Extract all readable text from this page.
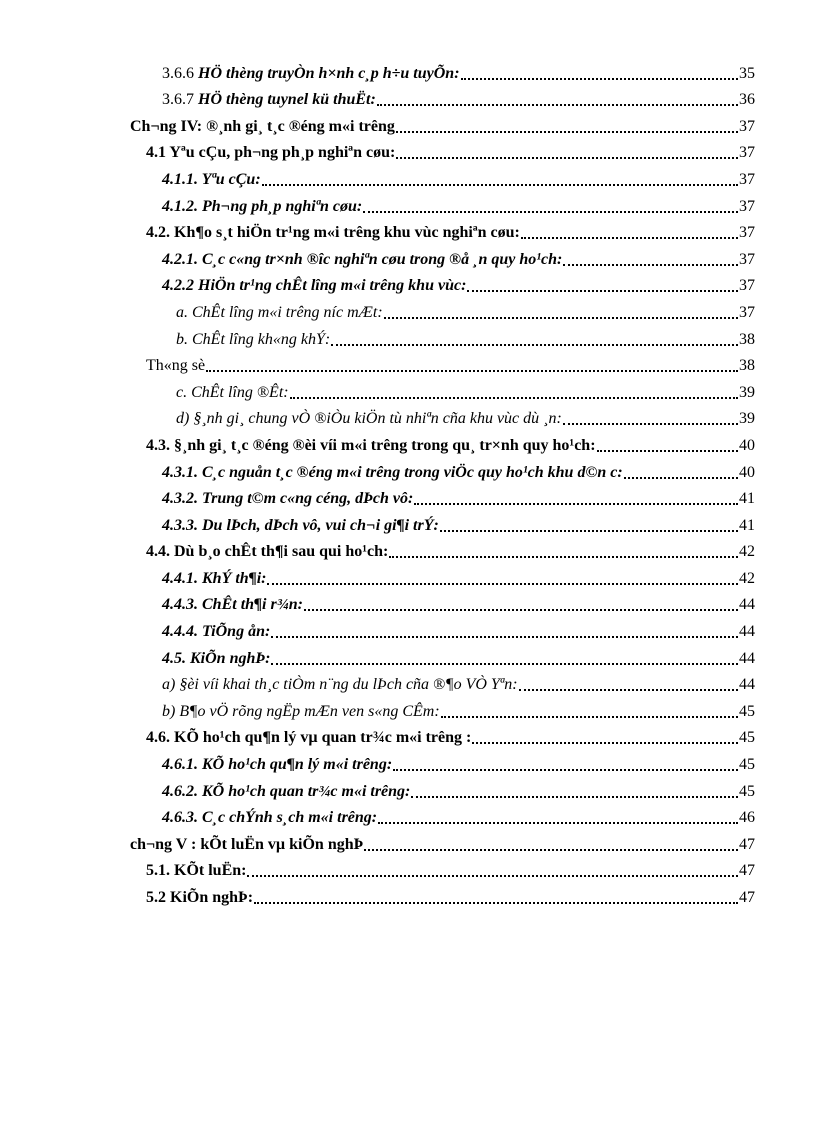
3.6.6 HÖ thèng truyÒn h×nh c¸p h÷u tuyÕn:	35
3.6.7 HÖ thèng tuynel kü thuËt:	36
Ch¬ng IV: ®¸nh gi¸ t¸c ®éng m«i trêng	37
4.1 Yªu cÇu, ph¬ng ph¸p nghiªn cøu:	37
4.1.1. Yªu cÇu:	37
4.1.2. Ph¬ng ph¸p nghiªn cøu:	37
4.2. Kh¶o s¸t hiÖn tr¹ng m«i trêng khu vùc nghiªn cøu:	37
4.2.1. C¸c c«ng tr×nh ®îc nghiªn cøu trong ®å ¸n quy ho¹ch:	37
4.2.2 HiÖn tr¹ng chÊt lîng m«i trêng khu vùc:	37
a. ChÊt lîng m«i trêng níc mÆt:	37
b. ChÊt lîng kh«ng khÝ:	38
Th«ng sè	38
c. ChÊt lîng ®Êt:	39
d) §¸nh gi¸ chung vÒ ®iÒu kiÖn tù nhiªn cña khu vùc dù ¸n:	39
4.3. §¸nh gi¸ t¸c ®éng ®èi víi m«i trêng trong qu¸ tr×nh quy ho¹ch:	40
4.3.1. C¸c nguån t¸c ®éng m«i trêng trong viÖc quy ho¹ch khu d©n c:	40
4.3.2. Trung t©m c«ng céng, dÞch vô:	41
4.3.3. Du lÞch, dÞch vô, vui ch¬i gi¶i trÝ:	41
4.4. Dù b¸o chÊt th¶i sau qui ho¹ch:	42
4.4.1. KhÝ th¶i:	42
4.4.3. ChÊt th¶i r¾n:	44
4.4.4. TiÕng ån:	44
4.5. KiÕn nghÞ:	44
a) §èi víi khai th¸c tiÒm n¨ng du lÞch cña ®¶o VÒ Yªn:	44
b) B¶o vÖ rõng ngËp mÆn ven s«ng CÊm:	45
4.6. KÕ ho¹ch qu¶n lý vµ quan tr¾c m«i trêng :	45
4.6.1. KÕ ho¹ch qu¶n lý m«i trêng:	45
4.6.2. KÕ ho¹ch quan tr¾c m«i trêng:	45
4.6.3. C¸c chÝnh s¸ch m«i trêng:	46
ch¬ng V : kÕt luËn vµ kiÕn nghÞ	47
5.1. KÕt luËn:	47
5.2 KiÕn nghÞ:	47
